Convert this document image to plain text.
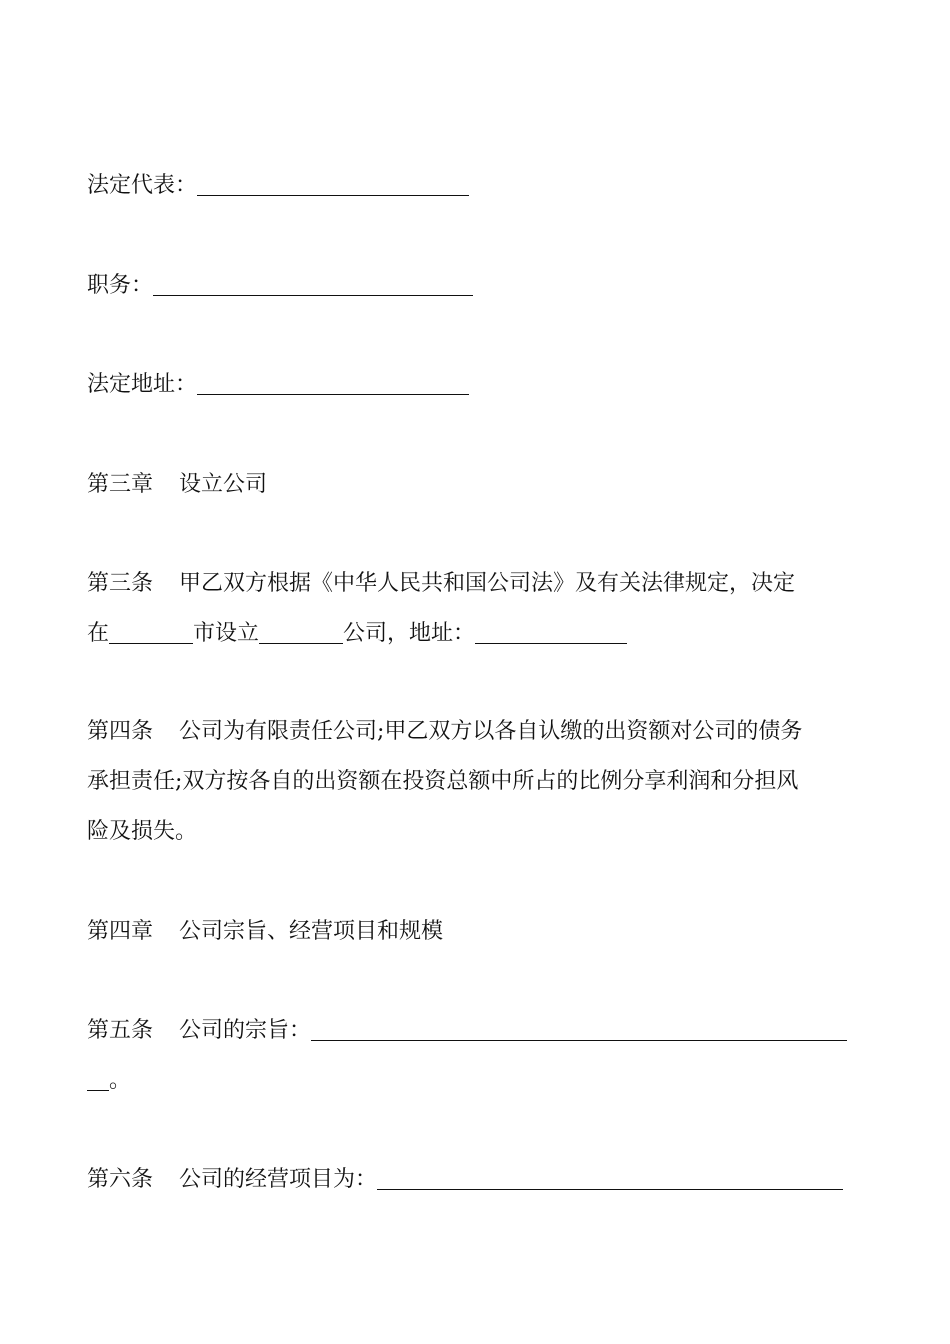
法定代表：
职务：
法定地址：
第三章 设立公司
第三条 甲乙双方根据《中华人民共和国公司法》及有关法律规定，决定
在	市设立	公司，地址：
第四条 公司为有限责任公司;甲乙双方以各自认缴的出资额对公司的债务
承担责任;双方按各自的出资额在投资总额中所占的比例分享利润和分担风
险及损失。
第四章 公司宗旨、经营项目和规模
第五条 公司的宗旨：
。
第六条 公司的经营项目为：
